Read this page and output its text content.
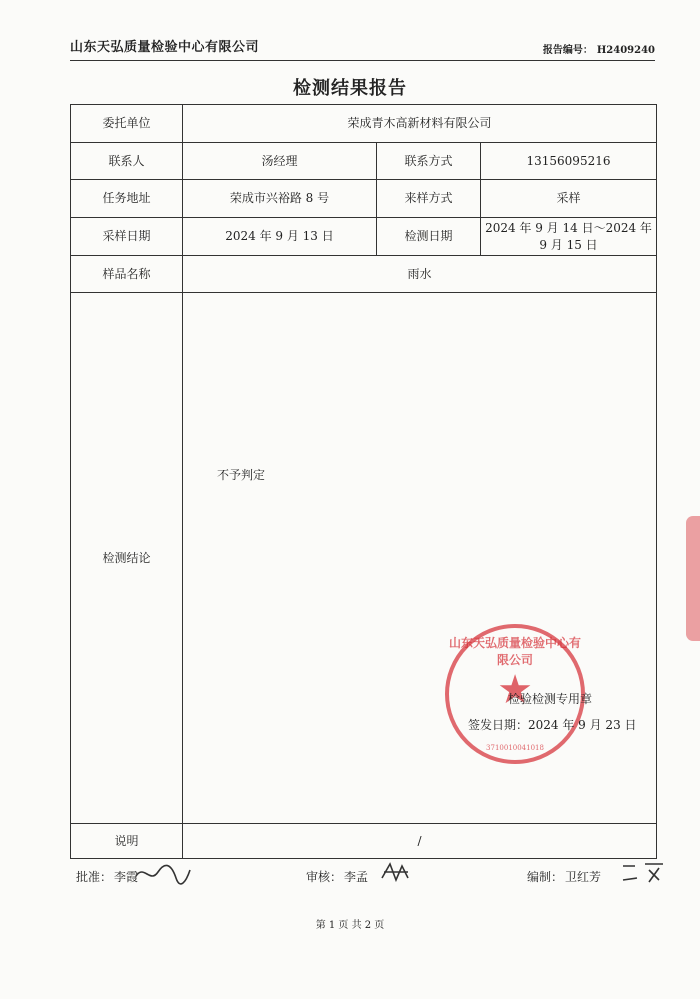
山东天弘质量检验中心有限公司	报告编号： H2409240
检测结果报告
委托单位	荣成青木高新材料有限公司		
联系人	汤经理	联系方式	13156095216
任务地址	荣成市兴裕路 8 号	来样方式	采样
采样日期	2024 年 9 月 13 日	检测日期	2024 年 9 月 14 日～2024 年 9 月 15 日
样品名称	雨水		
检测结论	不予判定		

说明	/		
山东天弘质量检验中心有限公司
★
3710010041018
检验检测专用章
签发日期：2024 年 9 月 23 日
批准： 李霞	审核： 李孟	编制： 卫红芳
第 1 页 共 2 页
